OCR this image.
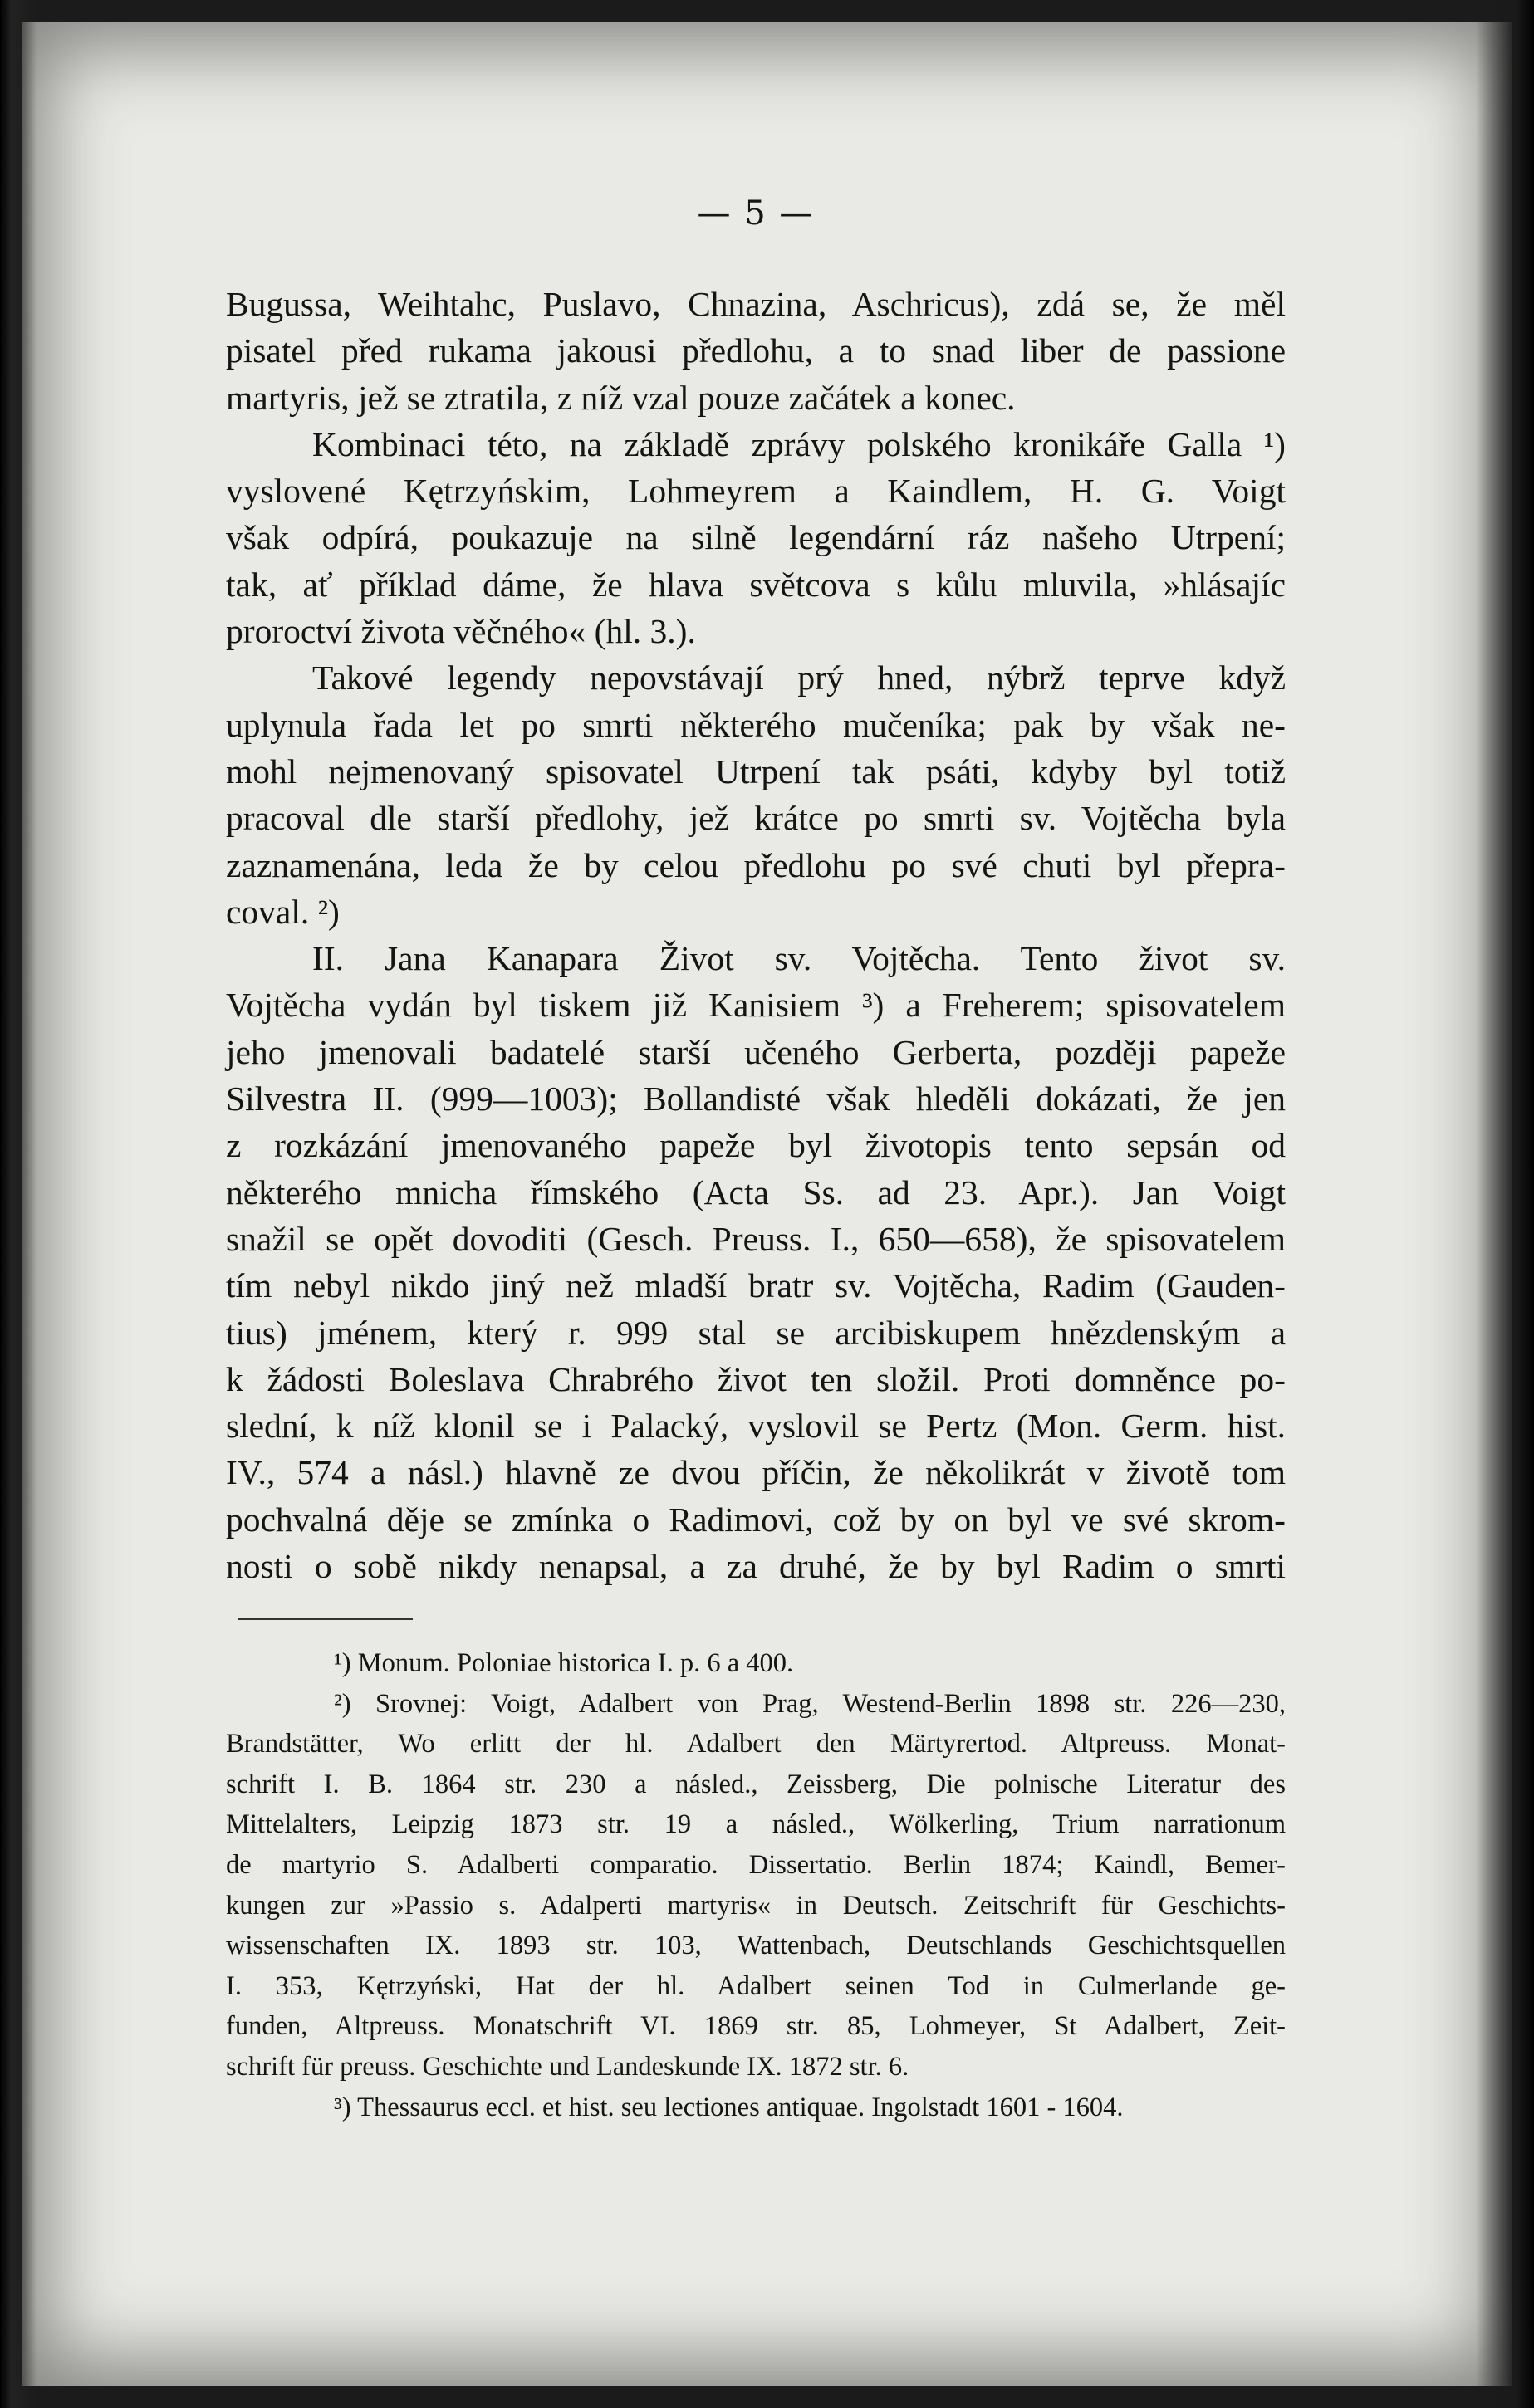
— 5 —
Bugussa, Weihtahc, Puslavo, Chnazina, Aschricus), zdá se, že měl
pisatel před rukama jakousi předlohu, a to snad liber de passione
martyris, jež se ztratila, z níž vzal pouze začátek a konec.
Kombinaci této, na základě zprávy polského kronikáře Galla ¹)
vyslovené Kętrzyńskim, Lohmeyrem a Kaindlem, H. G. Voigt
však odpírá, poukazuje na silně legendární ráz našeho Utrpení;
tak, ať příklad dáme, že hlava světcova s kůlu mluvila, »hlásajíc
proroctví života věčného« (hl. 3.).
Takové legendy nepovstávají prý hned, nýbrž teprve když
uplynula řada let po smrti některého mučeníka; pak by však ne-
mohl nejmenovaný spisovatel Utrpení tak psáti, kdyby byl totiž
pracoval dle starší předlohy, jež krátce po smrti sv. Vojtěcha byla
zaznamenána, leda že by celou předlohu po své chuti byl přepra-
coval. ²)
II. Jana Kanapara Život sv. Vojtěcha. Tento život sv.
Vojtěcha vydán byl tiskem již Kanisiem ³) a Freherem; spisovatelem
jeho jmenovali badatelé starší učeného Gerberta, později papeže
Silvestra II. (999—1003); Bollandisté však hleděli dokázati, že jen
z rozkázání jmenovaného papeže byl životopis tento sepsán od
některého mnicha římského (Acta Ss. ad 23. Apr.). Jan Voigt
snažil se opět dovoditi (Gesch. Preuss. I., 650—658), že spisovatelem
tím nebyl nikdo jiný než mladší bratr sv. Vojtěcha, Radim (Gauden-
tius) jménem, který r. 999 stal se arcibiskupem hnězdenským a
k žádosti Boleslava Chrabrého život ten složil. Proti domněnce po-
slední, k níž klonil se i Palacký, vyslovil se Pertz (Mon. Germ. hist.
IV., 574 a násl.) hlavně ze dvou příčin, že několikrát v životě tom
pochvalná děje se zmínka o Radimovi, což by on byl ve své skrom-
nosti o sobě nikdy nenapsal, a za druhé, že by byl Radim o smrti
¹) Monum. Poloniae historica I. p. 6 a 400.
²) Srovnej: Voigt, Adalbert von Prag, Westend-Berlin 1898 str. 226—230,
Brandstätter, Wo erlitt der hl. Adalbert den Märtyrertod. Altpreuss. Monat-
schrift I. B. 1864 str. 230 a násled., Zeissberg, Die polnische Literatur des
Mittelalters, Leipzig 1873 str. 19 a násled., Wölkerling, Trium narrationum
de martyrio S. Adalberti comparatio. Dissertatio. Berlin 1874; Kaindl, Bemer-
kungen zur »Passio s. Adalperti martyris« in Deutsch. Zeitschrift für Geschichts-
wissenschaften IX. 1893 str. 103, Wattenbach, Deutschlands Geschichtsquellen
I. 353, Kętrzyński, Hat der hl. Adalbert seinen Tod in Culmerlande ge-
funden, Altpreuss. Monatschrift VI. 1869 str. 85, Lohmeyer, St Adalbert, Zeit-
schrift für preuss. Geschichte und Landeskunde IX. 1872 str. 6.
³) Thessaurus eccl. et hist. seu lectiones antiquae. Ingolstadt 1601 - 1604.
